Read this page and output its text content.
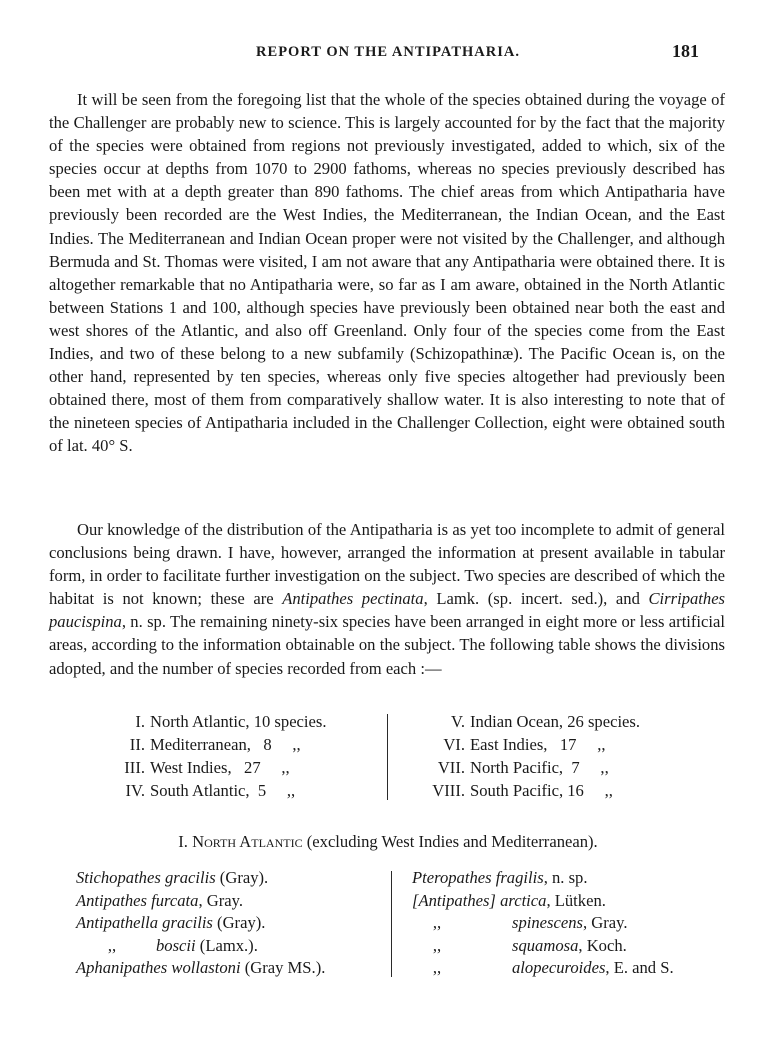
REPORT ON THE ANTIPATHARIA.	181

It will be seen from the foregoing list that the whole of the species obtained during the voyage of the Challenger are probably new to science. This is largely accounted for by the fact that the majority of the species were obtained from regions not previously investigated, added to which, six of the species occur at depths from 1070 to 2900 fathoms, whereas no species previously described has been met with at a depth greater than 890 fathoms. The chief areas from which Antipatharia have previously been recorded are the West Indies, the Mediterranean, the Indian Ocean, and the East Indies. The Mediterranean and Indian Ocean proper were not visited by the Challenger, and although Bermuda and St. Thomas were visited, I am not aware that any Antipatharia were obtained there. It is altogether remarkable that no Antipatharia were, so far as I am aware, obtained in the North Atlantic between Stations 1 and 100, although species have previously been obtained near both the east and west shores of the Atlantic, and also off Greenland. Only four of the species come from the East Indies, and two of these belong to a new subfamily (Schizopathinæ). The Pacific Ocean is, on the other hand, represented by ten species, whereas only five species altogether had previously been obtained there, most of them from comparatively shallow water. It is also interesting to note that of the nineteen species of Antipatharia included in the Challenger Collection, eight were obtained south of lat. 40° S.

Our knowledge of the distribution of the Antipatharia is as yet too incomplete to admit of general conclusions being drawn. I have, however, arranged the information at present available in tabular form, in order to facilitate further investigation on the subject. Two species are described of which the habitat is not known; these are Antipathes pectinata, Lamk. (sp. incert. sed.), and Cirripathes paucispina, n. sp. The remaining ninety-six species have been arranged in eight more or less artificial areas, according to the information obtainable on the subject. The following table shows the divisions adopted, and the number of species recorded from each :—

I. North Atlantic, 10 species.
II. Mediterranean,   8     ,,
III. West Indies,   27     ,,
IV. South Atlantic,  5     ,,
V. Indian Ocean, 26 species.
VI. East Indies,   17     ,,
VII. North Pacific,  7     ,,
VIII. South Pacific, 16     ,,
I. North Atlantic (excluding West Indies and Mediterranean).
Stichopathes gracilis (Gray).
Antipathes furcata, Gray.
Antipathella gracilis (Gray).
,, boscii (Lamx.).
Aphanipathes wollastoni (Gray MS.).
Pteropathes fragilis, n. sp.
[Antipathes] arctica, Lütken.
,,	spinescens, Gray.
,,	squamosa, Koch.
,,	alopecuroides, E. and S.
